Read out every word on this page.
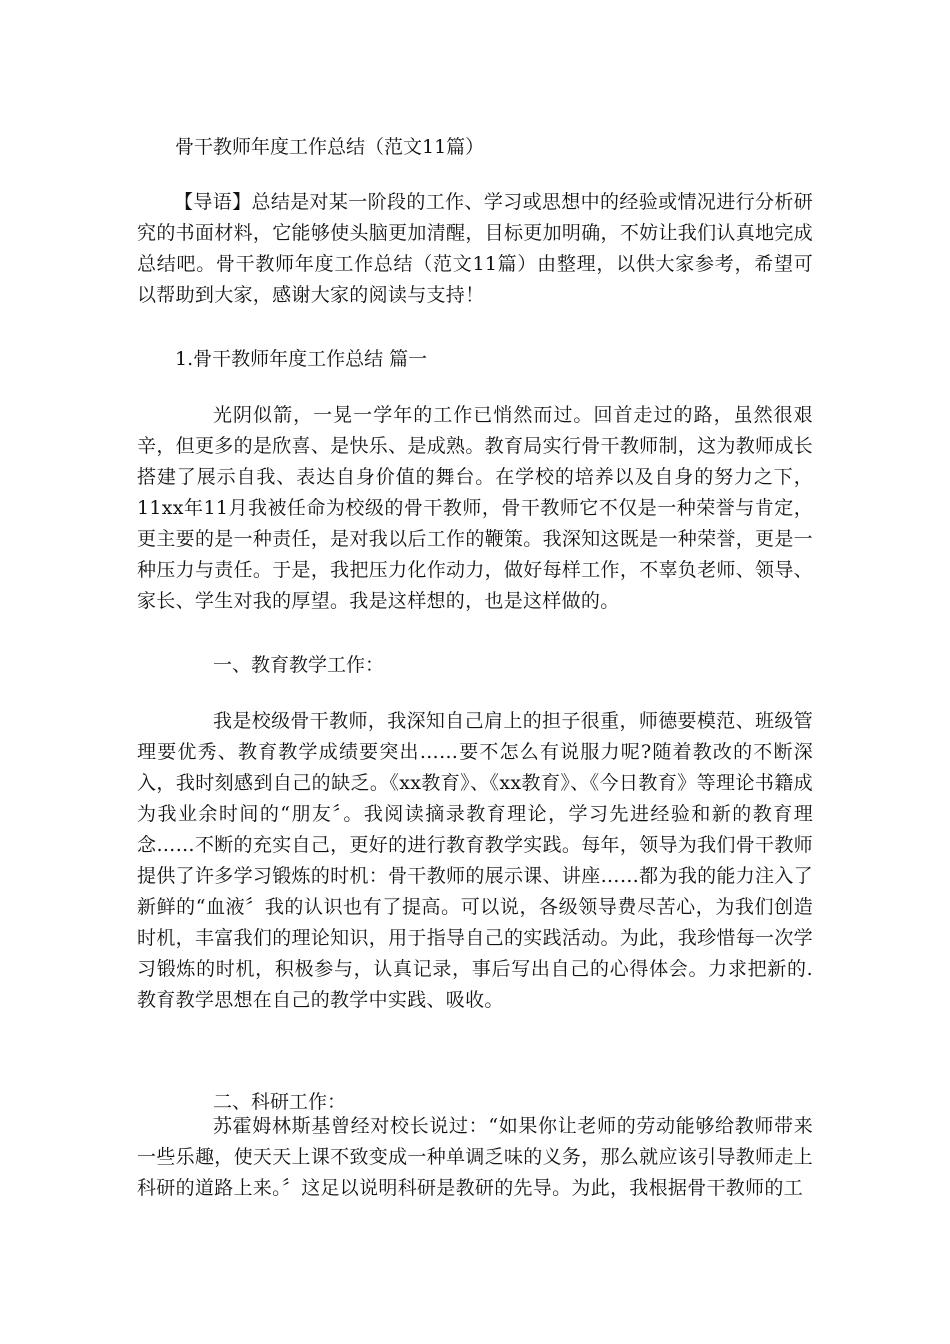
骨干教师年度工作总结（范文11篇）
【导语】总结是对某一阶段的工作、学习或思想中的经验或情况进行分析研究的书面材料，它能够使头脑更加清醒，目标更加明确，不妨让我们认真地完成总结吧。骨干教师年度工作总结（范文11篇）由整理，以供大家参考，希望可以帮助到大家，感谢大家的阅读与支持！
1.骨干教师年度工作总结 篇一
光阴似箭，一晃一学年的工作已悄然而过。回首走过的路，虽然很艰辛，但更多的是欣喜、是快乐、是成熟。教育局实行骨干教师制，这为教师成长搭建了展示自我、表达自身价值的舞台。在学校的培养以及自身的努力之下，11xx年11月我被任命为校级的骨干教师，骨干教师它不仅是一种荣誉与肯定，更主要的是一种责任，是对我以后工作的鞭策。我深知这既是一种荣誉，更是一种压力与责任。于是，我把压力化作动力，做好每样工作，不辜负老师、领导、家长、学生对我的厚望。我是这样想的，也是这样做的。
一、教育教学工作：
我是校级骨干教师，我深知自己肩上的担子很重，师德要模范、班级管理要优秀、教育教学成绩要突出……要不怎么有说服力呢?随着教改的不断深入，我时刻感到自己的缺乏。《xx教育》、《xx教育》、《今日教育》等理论书籍成为我业余时间的“朋友〞。我阅读摘录教育理论，学习先进经验和新的教育理念……不断的充实自己，更好的进行教育教学实践。每年，领导为我们骨干教师提供了许多学习锻炼的时机：骨干教师的展示课、讲座……都为我的能力注入了新鲜的“血液〞我的认识也有了提高。可以说，各级领导费尽苦心，为我们创造时机，丰富我们的理论知识，用于指导自己的实践活动。为此，我珍惜每一次学习锻炼的时机，积极参与，认真记录，事后写出自己的心得体会。力求把新的.教育教学思想在自己的教学中实践、吸收。
二、科研工作：
苏霍姆林斯基曾经对校长说过：“如果你让老师的劳动能够给教师带来一些乐趣，使天天上课不致变成一种单调乏味的义务，那么就应该引导教师走上科研的道路上来。〞这足以说明科研是教研的先导。为此，我根据骨干教师的工
